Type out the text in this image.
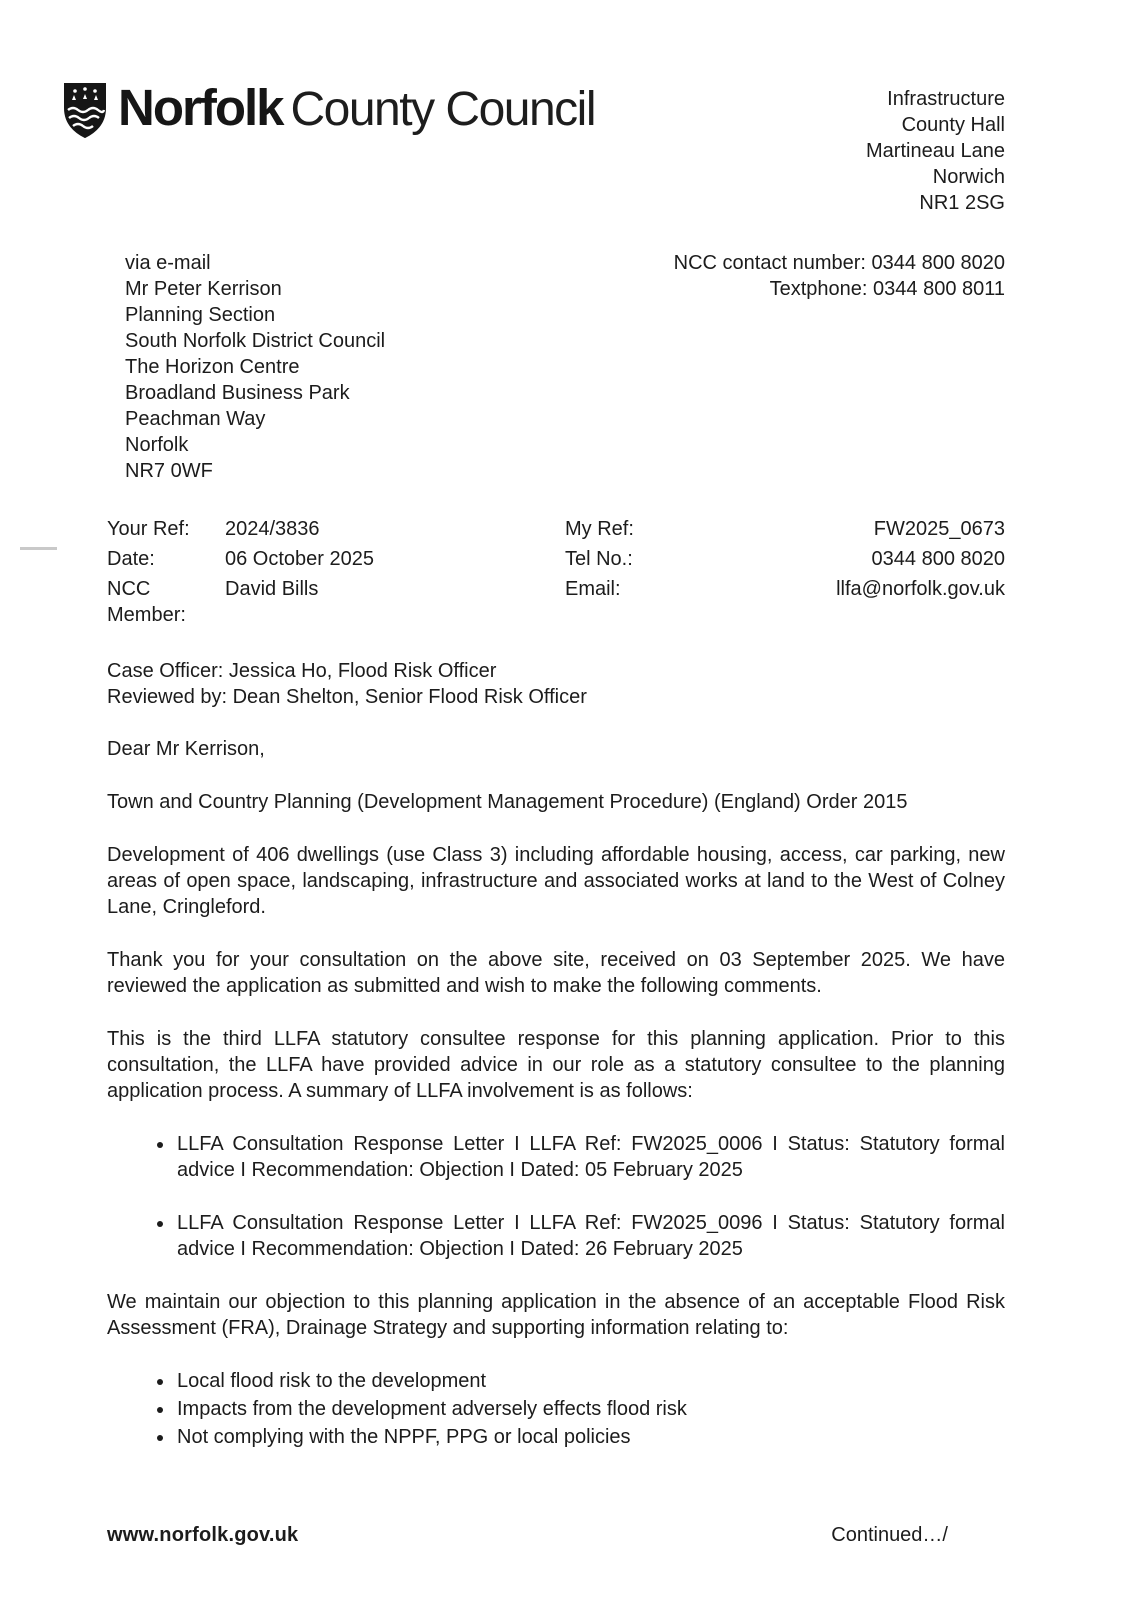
Norfolk County Council	Infrastructure
County Hall
Martineau Lane
Norwich
NR1 2SG
via e-mail
Mr Peter Kerrison
Planning Section
South Norfolk District Council
The Horizon Centre
Broadland Business Park
Peachman Way
Norfolk
NR7 0WF
NCC contact number: 0344 800 8020
Textphone: 0344 800 8011
Your Ref:	2024/3836
Date:	06 October 2025
NCC Member:
David Bills
My Ref:	FW2025_0673
Tel No.:	0344 800 8020
Email:	llfa@norfolk.gov.uk
Case Officer: Jessica Ho, Flood Risk Officer
Reviewed by: Dean Shelton, Senior Flood Risk Officer
Dear Mr Kerrison,
Town and Country Planning (Development Management Procedure) (England) Order 2015
Development of 406 dwellings (use Class 3) including affordable housing, access, car parking, new areas of open space, landscaping, infrastructure and associated works at land to the West of Colney Lane, Cringleford.
Thank you for your consultation on the above site, received on 03 September 2025. We have reviewed the application as submitted and wish to make the following comments.
This is the third LLFA statutory consultee response for this planning application. Prior to this consultation, the LLFA have provided advice in our role as a statutory consultee to the planning application process. A summary of LLFA involvement is as follows:
• LLFA Consultation Response Letter I LLFA Ref: FW2025_0006 I Status: Statutory formal advice I Recommendation: Objection I Dated: 05 February 2025
• LLFA Consultation Response Letter I LLFA Ref: FW2025_0096 I Status: Statutory formal advice I Recommendation: Objection I Dated: 26 February 2025
We maintain our objection to this planning application in the absence of an acceptable Flood Risk Assessment (FRA), Drainage Strategy and supporting information relating to:
• Local flood risk to the development
• Impacts from the development adversely effects flood risk
• Not complying with the NPPF, PPG or local policies
www.norfolk.gov.uk	Continued…/
